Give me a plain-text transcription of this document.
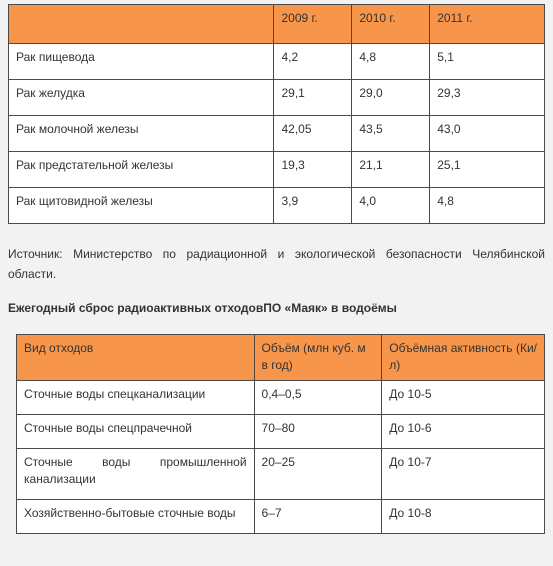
	2009 г.	2010 г.	2011 г.
Рак пищевода	4,2	4,8	5,1
Рак желудка	29,1	29,0	29,3
Рак молочной железы	42,05	43,5	43,0
Рак предстательной железы	19,3	21,1	25,1
Рак щитовидной железы	3,9	4,0	4,8

Источник: Министерство по радиационной и экологической безопасности Челябинской области.

Ежегодный сброс радиоактивных отходовПО «Маяк» в водоёмы

Вид отходов	Объём (млн куб. м в год)	Объёмная активность (Ки/л)
Сточные воды спецканализации	0,4–0,5	До 10-5
Сточные воды спецпрачечной	70–80	До 10-6
Сточные воды промышленной канализации	20–25	До 10-7
Хозяйственно-бытовые сточные воды	6–7	До 10-8
